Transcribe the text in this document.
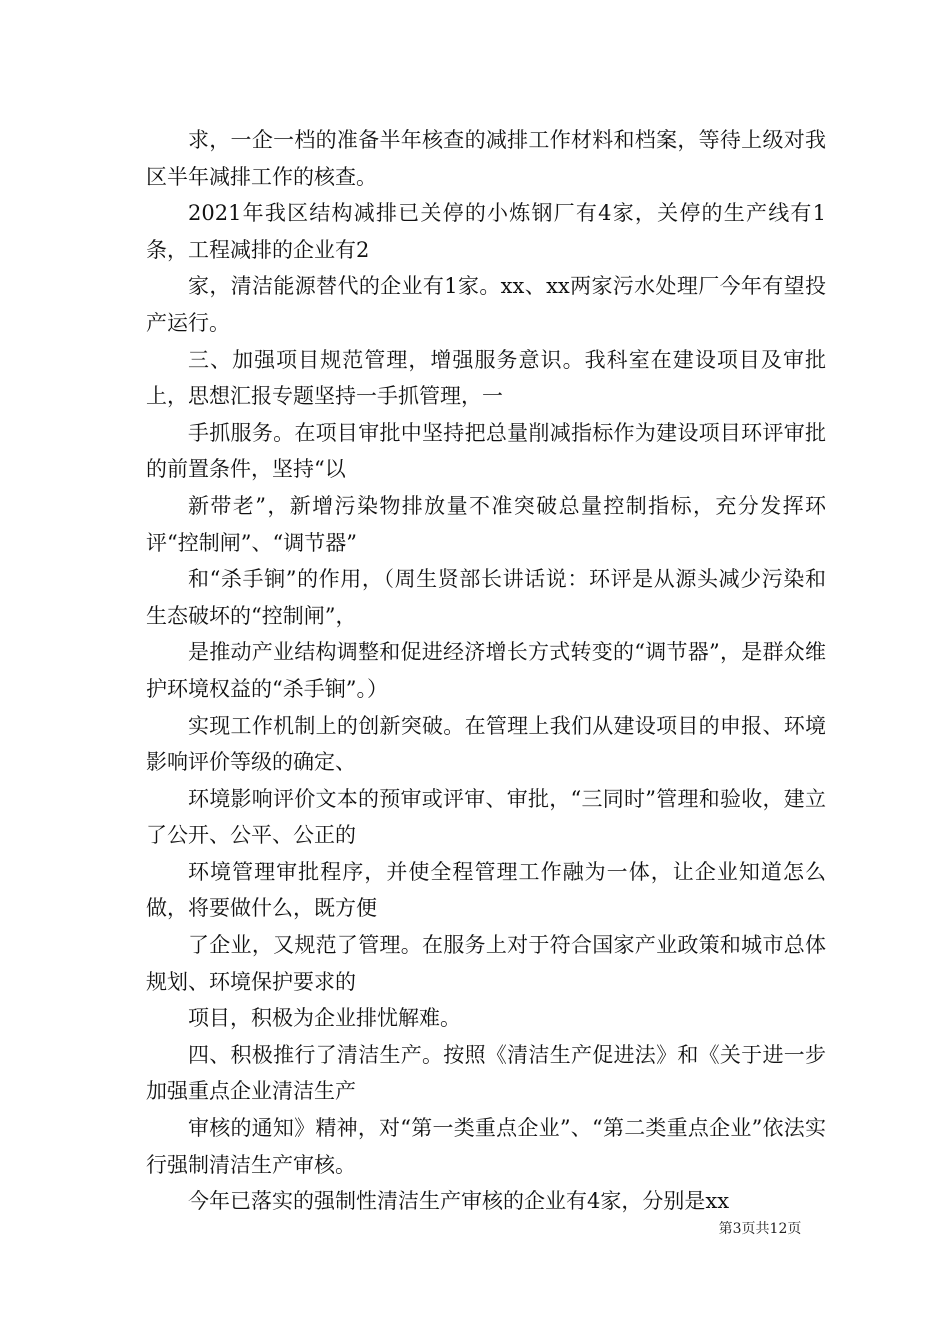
求，一企一档的准备半年核查的减排工作材料和档案，等待上级对我区半年减排工作的核查。

2021年我区结构减排已关停的小炼钢厂有4家，关停的生产线有1条，工程减排的企业有2

家，清洁能源替代的企业有1家。xx、xx两家污水处理厂今年有望投产运行。

三、加强项目规范管理，增强服务意识。我科室在建设项目及审批上，思想汇报专题坚持一手抓管理，一

手抓服务。在项目审批中坚持把总量削减指标作为建设项目环评审批的前置条件，坚持“以

新带老”，新增污染物排放量不准突破总量控制指标，充分发挥环评“控制闸”、“调节器”

和“杀手锏”的作用，（周生贤部长讲话说：环评是从源头减少污染和生态破坏的“控制闸”，

是推动产业结构调整和促进经济增长方式转变的“调节器”，是群众维护环境权益的“杀手锏”。）

实现工作机制上的创新突破。在管理上我们从建设项目的申报、环境影响评价等级的确定、

环境影响评价文本的预审或评审、审批，“三同时”管理和验收，建立了公开、公平、公正的

环境管理审批程序，并使全程管理工作融为一体，让企业知道怎么做，将要做什么，既方便

了企业，又规范了管理。在服务上对于符合国家产业政策和城市总体规划、环境保护要求的

项目，积极为企业排忧解难。

四、积极推行了清洁生产。按照《清洁生产促进法》和《关于进一步加强重点企业清洁生产

审核的通知》精神，对“第一类重点企业”、“第二类重点企业”依法实行强制清洁生产审核。

今年已落实的强制性清洁生产审核的企业有4家，分别是xx

第3页共12页
